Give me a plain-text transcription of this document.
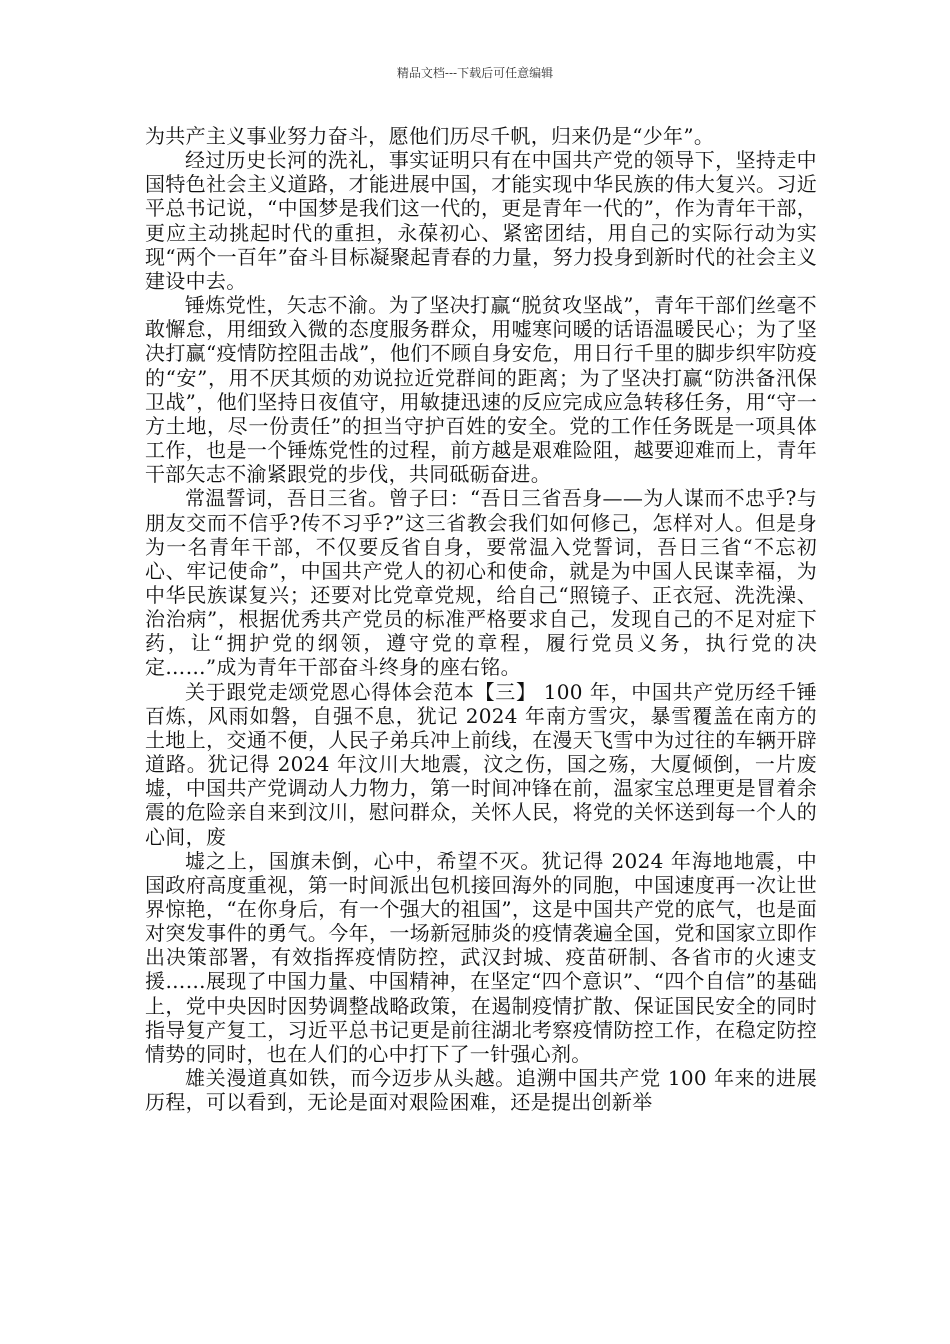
精品文档---下载后可任意编辑

为共产主义事业努力奋斗，愿他们历尽千帆，归来仍是“少年”。

经过历史长河的洗礼，事实证明只有在中国共产党的领导下，坚持走中国特色社会主义道路，才能进展中国，才能实现中华民族的伟大复兴。习近平总书记说，“中国梦是我们这一代的，更是青年一代的”，作为青年干部，更应主动挑起时代的重担，永葆初心、紧密团结，用自己的实际行动为实现“两个一百年”奋斗目标凝聚起青春的力量，努力投身到新时代的社会主义建设中去。

锤炼党性，矢志不渝。为了坚决打赢“脱贫攻坚战”，青年干部们丝毫不敢懈怠，用细致入微的态度服务群众，用嘘寒问暖的话语温暖民心；为了坚决打赢“疫情防控阻击战”，他们不顾自身安危，用日行千里的脚步织牢防疫的“安”，用不厌其烦的劝说拉近党群间的距离；为了坚决打赢“防洪备汛保卫战”，他们坚持日夜值守，用敏捷迅速的反应完成应急转移任务，用“守一方土地，尽一份责任”的担当守护百姓的安全。党的工作任务既是一项具体工作，也是一个锤炼党性的过程，前方越是艰难险阻，越要迎难而上，青年干部矢志不渝紧跟党的步伐，共同砥砺奋进。

常温誓词，吾日三省。曾子曰：“吾日三省吾身——为人谋而不忠乎?与朋友交而不信乎?传不习乎?”这三省教会我们如何修己，怎样对人。但是身为一名青年干部，不仅要反省自身，要常温入党誓词，吾日三省“不忘初心、牢记使命”，中国共产党人的初心和使命，就是为中国人民谋幸福，为中华民族谋复兴；还要对比党章党规，给自己“照镜子、正衣冠、洗洗澡、治治病”，根据优秀共产党员的标准严格要求自己，发现自己的不足对症下药，让“拥护党的纲领，遵守党的章程，履行党员义务，执行党的决定……”成为青年干部奋斗终身的座右铭。

关于跟党走颂党恩心得体会范本【三】 100 年，中国共产党历经千锤百炼，风雨如磐，自强不息，犹记 2024 年南方雪灾，暴雪覆盖在南方的土地上，交通不便，人民子弟兵冲上前线，在漫天飞雪中为过往的车辆开辟道路。犹记得 2024 年汶川大地震，汶之伤，国之殇，大厦倾倒，一片废墟，中国共产党调动人力物力，第一时间冲锋在前，温家宝总理更是冒着余震的危险亲自来到汶川，慰问群众，关怀人民，将党的关怀送到每一个人的心间，废

墟之上，国旗未倒，心中，希望不灭。犹记得 2024 年海地地震，中国政府高度重视，第一时间派出包机接回海外的同胞，中国速度再一次让世界惊艳，“在你身后，有一个强大的祖国”，这是中国共产党的底气，也是面对突发事件的勇气。今年，一场新冠肺炎的疫情袭遍全国，党和国家立即作出决策部署，有效指挥疫情防控，武汉封城、疫苗研制、各省市的火速支援……展现了中国力量、中国精神，在坚定“四个意识”、“四个自信”的基础上，党中央因时因势调整战略政策，在遏制疫情扩散、保证国民安全的同时指导复产复工，习近平总书记更是前往湖北考察疫情防控工作，在稳定防控情势的同时，也在人们的心中打下了一针强心剂。

雄关漫道真如铁，而今迈步从头越。追溯中国共产党 100 年来的进展历程，可以看到，无论是面对艰险困难，还是提出创新举
